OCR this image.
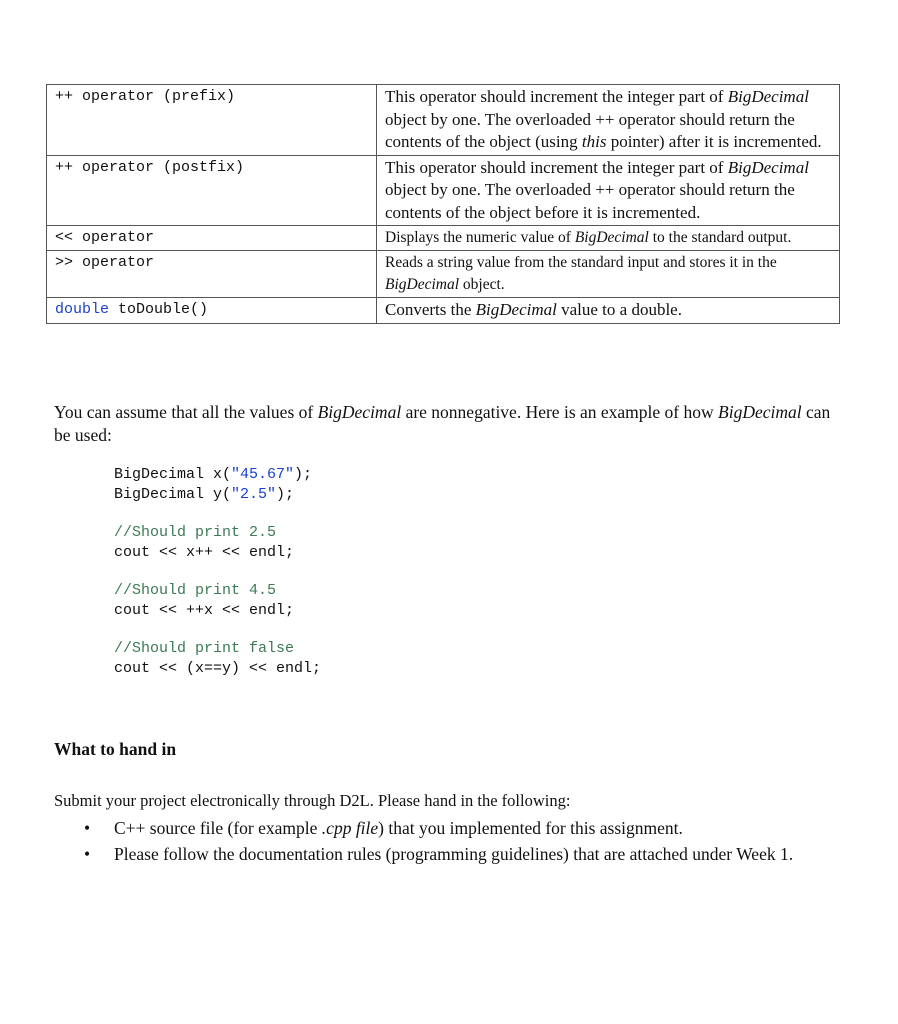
++ operator (prefix)	This operator should increment the integer part of BigDecimal object by one. The overloaded ++ operator should return the contents of the object (using this pointer) after it is incremented.
++ operator (postfix)	This operator should increment the integer part of BigDecimal object by one. The overloaded ++ operator should return the contents of the object before it is incremented.
<< operator	Displays the numeric value of BigDecimal to the standard output.
>> operator	Reads a string value from the standard input and stores it in the BigDecimal object.
double toDouble()	Converts the BigDecimal value to a double.
You can assume that all the values of BigDecimal are nonnegative. Here is an example of how BigDecimal can be used:
BigDecimal x("45.67");
BigDecimal y("2.5");
//Should print 2.5
cout << x++ << endl;
//Should print 4.5
cout << ++x << endl;
//Should print false
cout << (x==y) << endl;
What to hand in
Submit your project electronically through D2L. Please hand in the following:
• C++ source file (for example .cpp file) that you implemented for this assignment.
• Please follow the documentation rules (programming guidelines) that are attached under Week 1.
